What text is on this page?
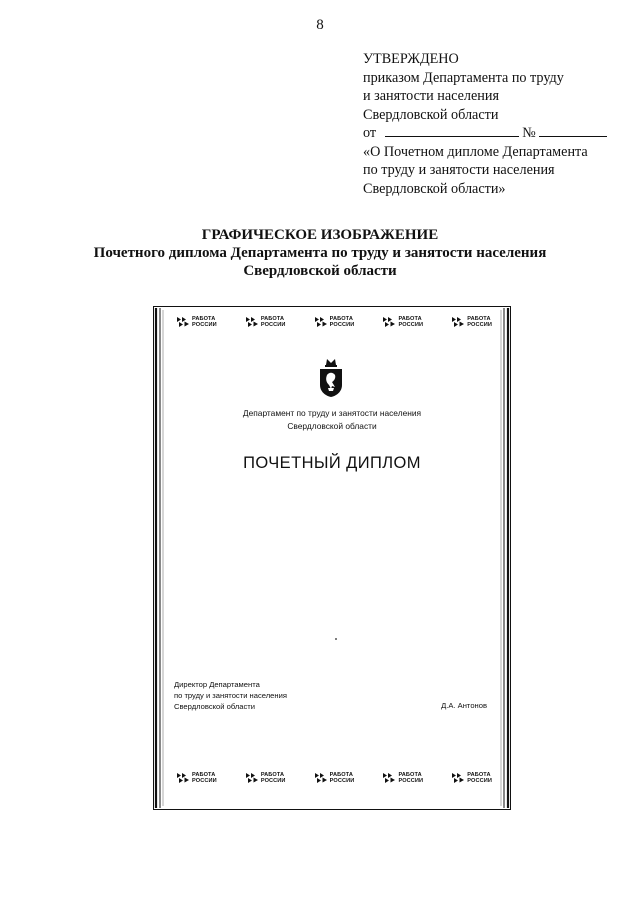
8
УТВЕРЖДЕНО
приказом Департамента по труду
и занятости населения
Свердловской области
от	№
«О Почетном дипломе Департамента
по труду и занятости населения
Свердловской области»
ГРАФИЧЕСКОЕ ИЗОБРАЖЕНИЕ
Почетного диплома Департамента по труду и занятости населения
Свердловской области
РАБОТА
РОССИИ
РАБОТА
РОССИИ
РАБОТА
РОССИИ
РАБОТА
РОССИИ
РАБОТА
РОССИИ
Департамент по труду и занятости населения
Свердловской области
ПОЧЕТНЫЙ ДИПЛОМ
Директор Департамента
по труду и занятости населения
Свердловской области	Д.А. Антонов
РАБОТА
РОССИИ
РАБОТА
РОССИИ
РАБОТА
РОССИИ
РАБОТА
РОССИИ
РАБОТА
РОССИИ
